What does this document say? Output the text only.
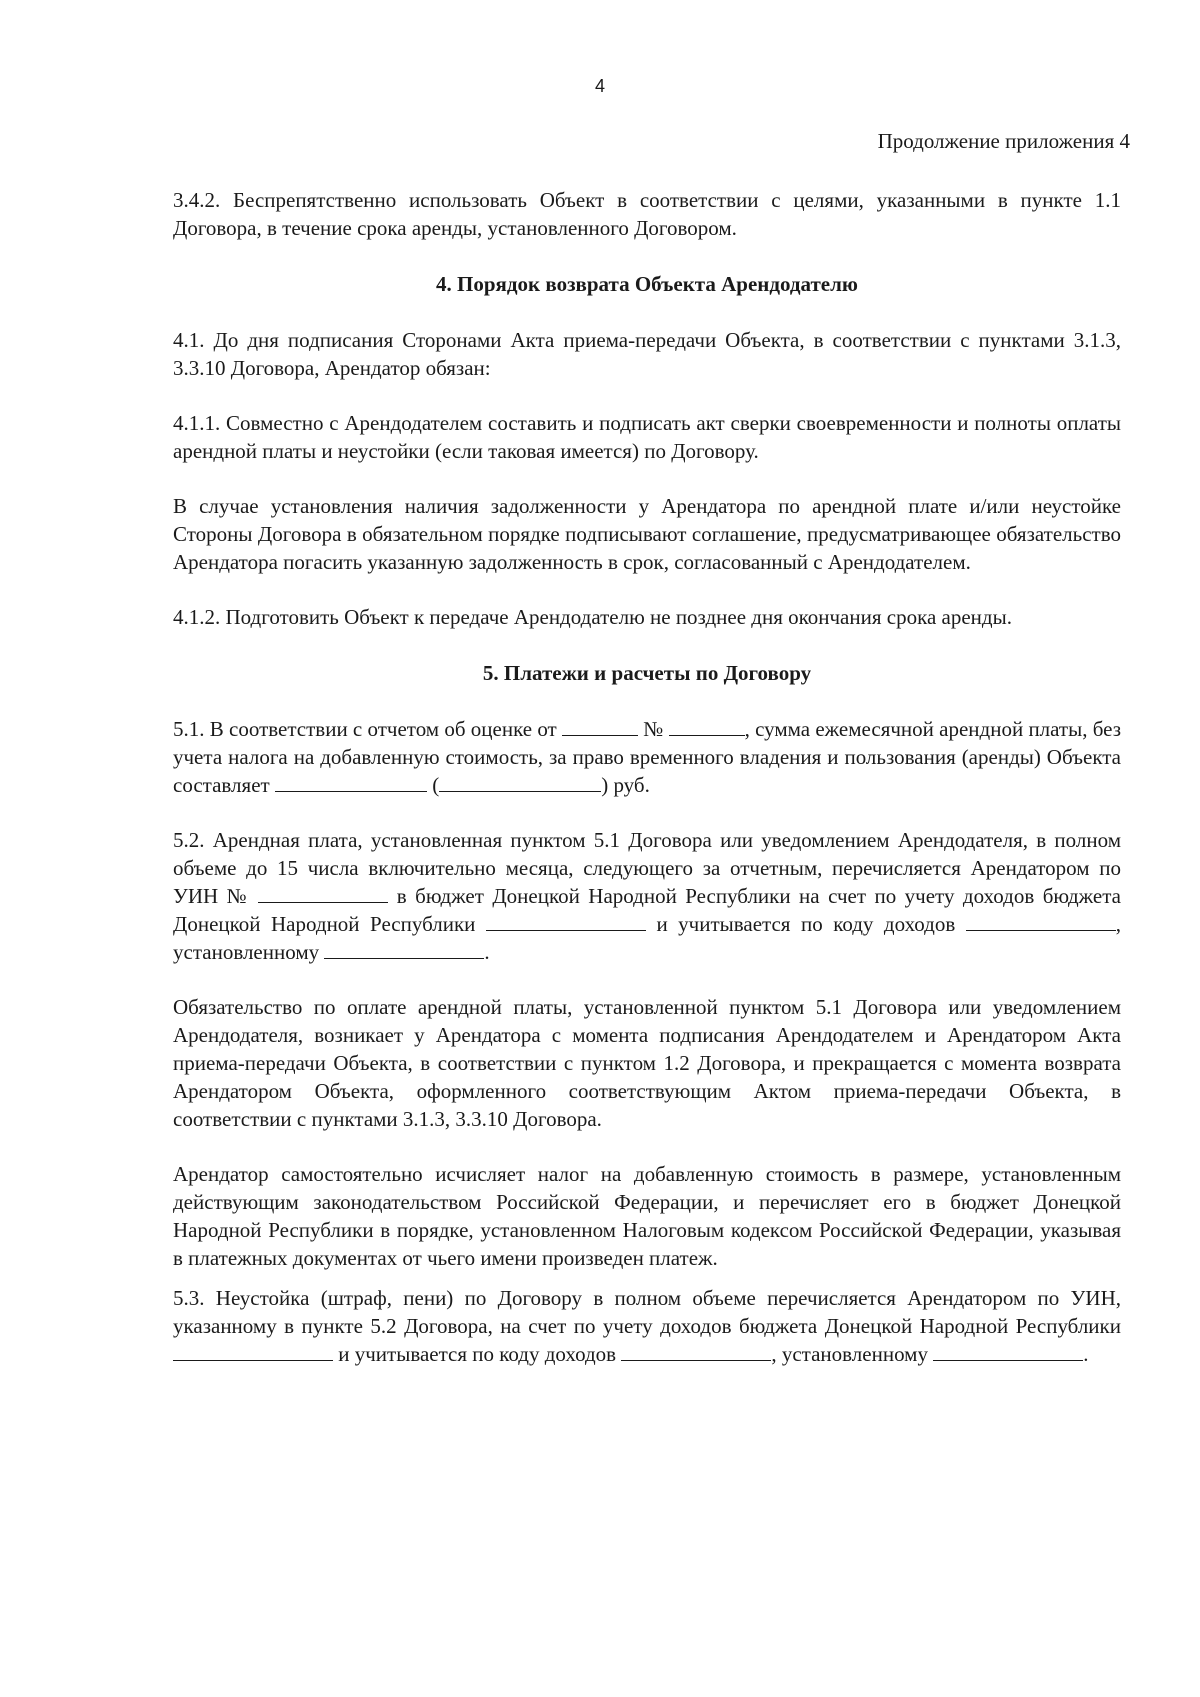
4
Продолжение приложения 4

3.4.2. Беспрепятственно использовать Объект в соответствии с целями, указанными в пункте 1.1 Договора, в течение срока аренды, установленного Договором.

4. Порядок возврата Объекта Арендодателю

4.1. До дня подписания Сторонами Акта приема-передачи Объекта, в соответствии с пунктами 3.1.3, 3.3.10 Договора, Арендатор обязан:

4.1.1. Совместно с Арендодателем составить и подписать акт сверки своевременности и полноты оплаты арендной платы и неустойки (если таковая имеется) по Договору.

В случае установления наличия задолженности у Арендатора по арендной плате и/или неустойке Стороны Договора в обязательном порядке подписывают соглашение, предусматривающее обязательство Арендатора погасить указанную задолженность в срок, согласованный с Арендодателем.

4.1.2. Подготовить Объект к передаче Арендодателю не позднее дня окончания срока аренды.

5. Платежи и расчеты по Договору

5.1. В соответствии с отчетом об оценке от	№	, сумма ежемесячной арендной платы, без учета налога на добавленную стоимость, за право временного владения и пользования (аренды) Объекта составляет	(	) руб.

5.2. Арендная плата, установленная пунктом 5.1 Договора или уведомлением Арендодателя, в полном объеме до 15 числа включительно месяца, следующего за отчетным, перечисляется Арендатором по УИН №	в бюджет Донецкой Народной Республики на счет по учету доходов бюджета Донецкой Народной Республики	и учитывается по коду доходов	, установленному	.

Обязательство по оплате арендной платы, установленной пунктом 5.1 Договора или уведомлением Арендодателя, возникает у Арендатора с момента подписания Арендодателем и Арендатором Акта приема-передачи Объекта, в соответствии с пунктом 1.2 Договора, и прекращается с момента возврата Арендатором Объекта, оформленного соответствующим Актом приема-передачи Объекта, в соответствии с пунктами 3.1.3, 3.3.10 Договора.

Арендатор самостоятельно исчисляет налог на добавленную стоимость в размере, установленным действующим законодательством Российской Федерации, и перечисляет его в бюджет Донецкой Народной Республики в порядке, установленном Налоговым кодексом Российской Федерации, указывая в платежных документах от чьего имени произведен платеж.

5.3. Неустойка (штраф, пени) по Договору в полном объеме перечисляется Арендатором по УИН, указанному в пункте 5.2 Договора, на счет по учету доходов бюджета Донецкой Народной Республики  и учитывается по коду доходов	, установленному	.
